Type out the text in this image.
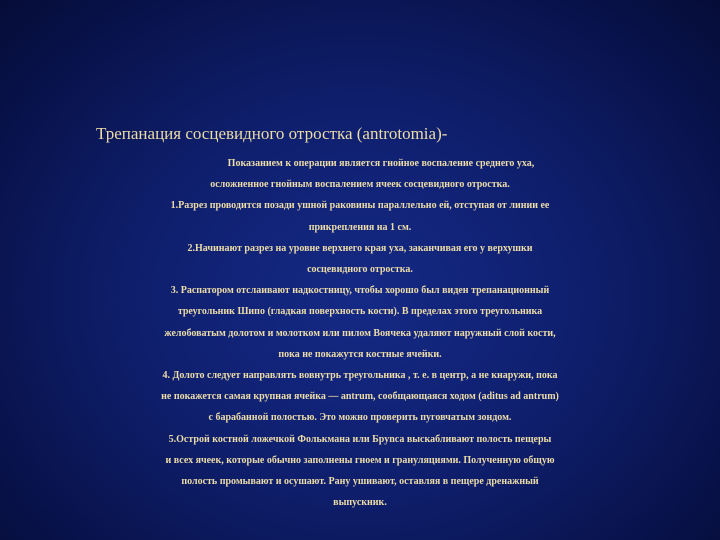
Трепанация сосцевидного отростка (antrotomia)-
Показанием к операции является гнойное воспаление среднего уха,
осложненное гнойным воспалением ячеек сосцевидного отростка.
1.Разрез проводится позади ушной раковины параллельно ей, отступая от линии ее
прикрепления на 1 см.
2.Начинают разрез на уровне верхнего края уха, заканчивая его у верхушки
сосцевидного отростка.
3. Распатором отслаивают надкостницу, чтобы хорошо был виден трепанационный
треугольник Шипо (гладкая поверхность кости). В пределах этого треугольника
желобоватым долотом и молотком или пилом Воячека удаляют наружный слой кости,
пока не покажутся костные ячейки.
4. Долото следует направлять вовнутрь треугольника , т. е. в центр, а не кнаружи, пока
не покажется самая крупная ячейка — antrum, сообщающаяся ходом (aditus ad antrum)
с барабанной полостью. Это можно проверить пуговчатым зондом.
5.Острой костной ложечкой Фолькмана или Бруnса выскабливают полость пещеры
и всех ячеек, которые обычно заполнены гноем и грануляциями. Полученную общую
полость промывают и осушают. Рану ушивают, оставляя в пещере дренажный
выпускник.
